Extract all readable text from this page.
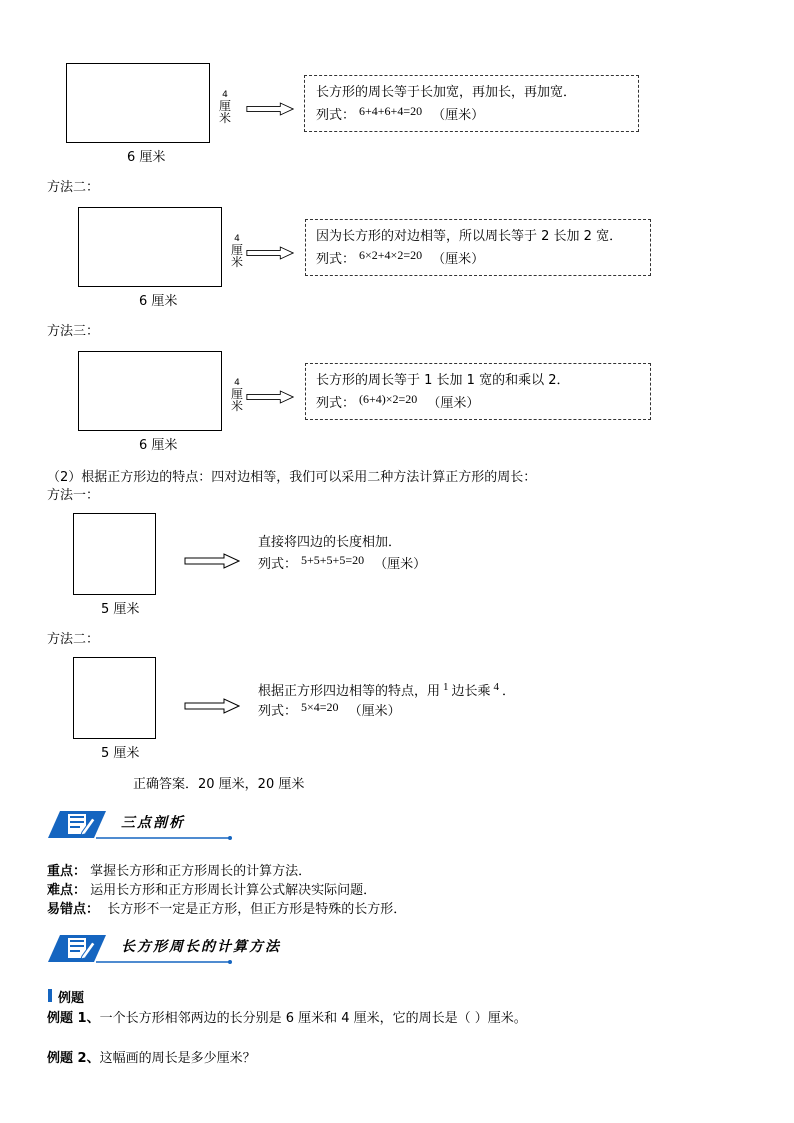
4
厘
米
6 厘米
长方形的周长等于长加宽，再加长，再加宽．
列式： 6+4+6+4=20 （厘米）
方法二：
4
厘
米
6 厘米
因为长方形的对边相等，所以周长等于 2 长加 2 宽．
列式： 6×2+4×2=20 （厘米）
方法三：
4
厘
米
6 厘米
长方形的周长等于 1 长加 1 宽的和乘以 2．
列式： (6+4)×2=20 （厘米）
（2）根据正方形边的特点：四对边相等，我们可以采用二种方法计算正方形的周长：
方法一：
5 厘米
直接将四边的长度相加．
列式： 5+5+5+5=20 （厘米）
方法二：
5 厘米
根据正方形四边相等的特点，用 $^1$ 边长乘 $^4$ ．
列式： 5×4=20 （厘米）
正确答案．20 厘米，20 厘米
三点剖析
重点： 掌握长方形和正方形周长的计算方法．
难点： 运用长方形和正方形周长计算公式解决实际问题．
易错点： 长方形不一定是正方形，但正方形是特殊的长方形．
长方形周长的计算方法
例题
例题 1、一个长方形相邻两边的长分别是 6 厘米和 4 厘米，它的周长是（ ）厘米。
例题 2、这幅画的周长是多少厘米？
